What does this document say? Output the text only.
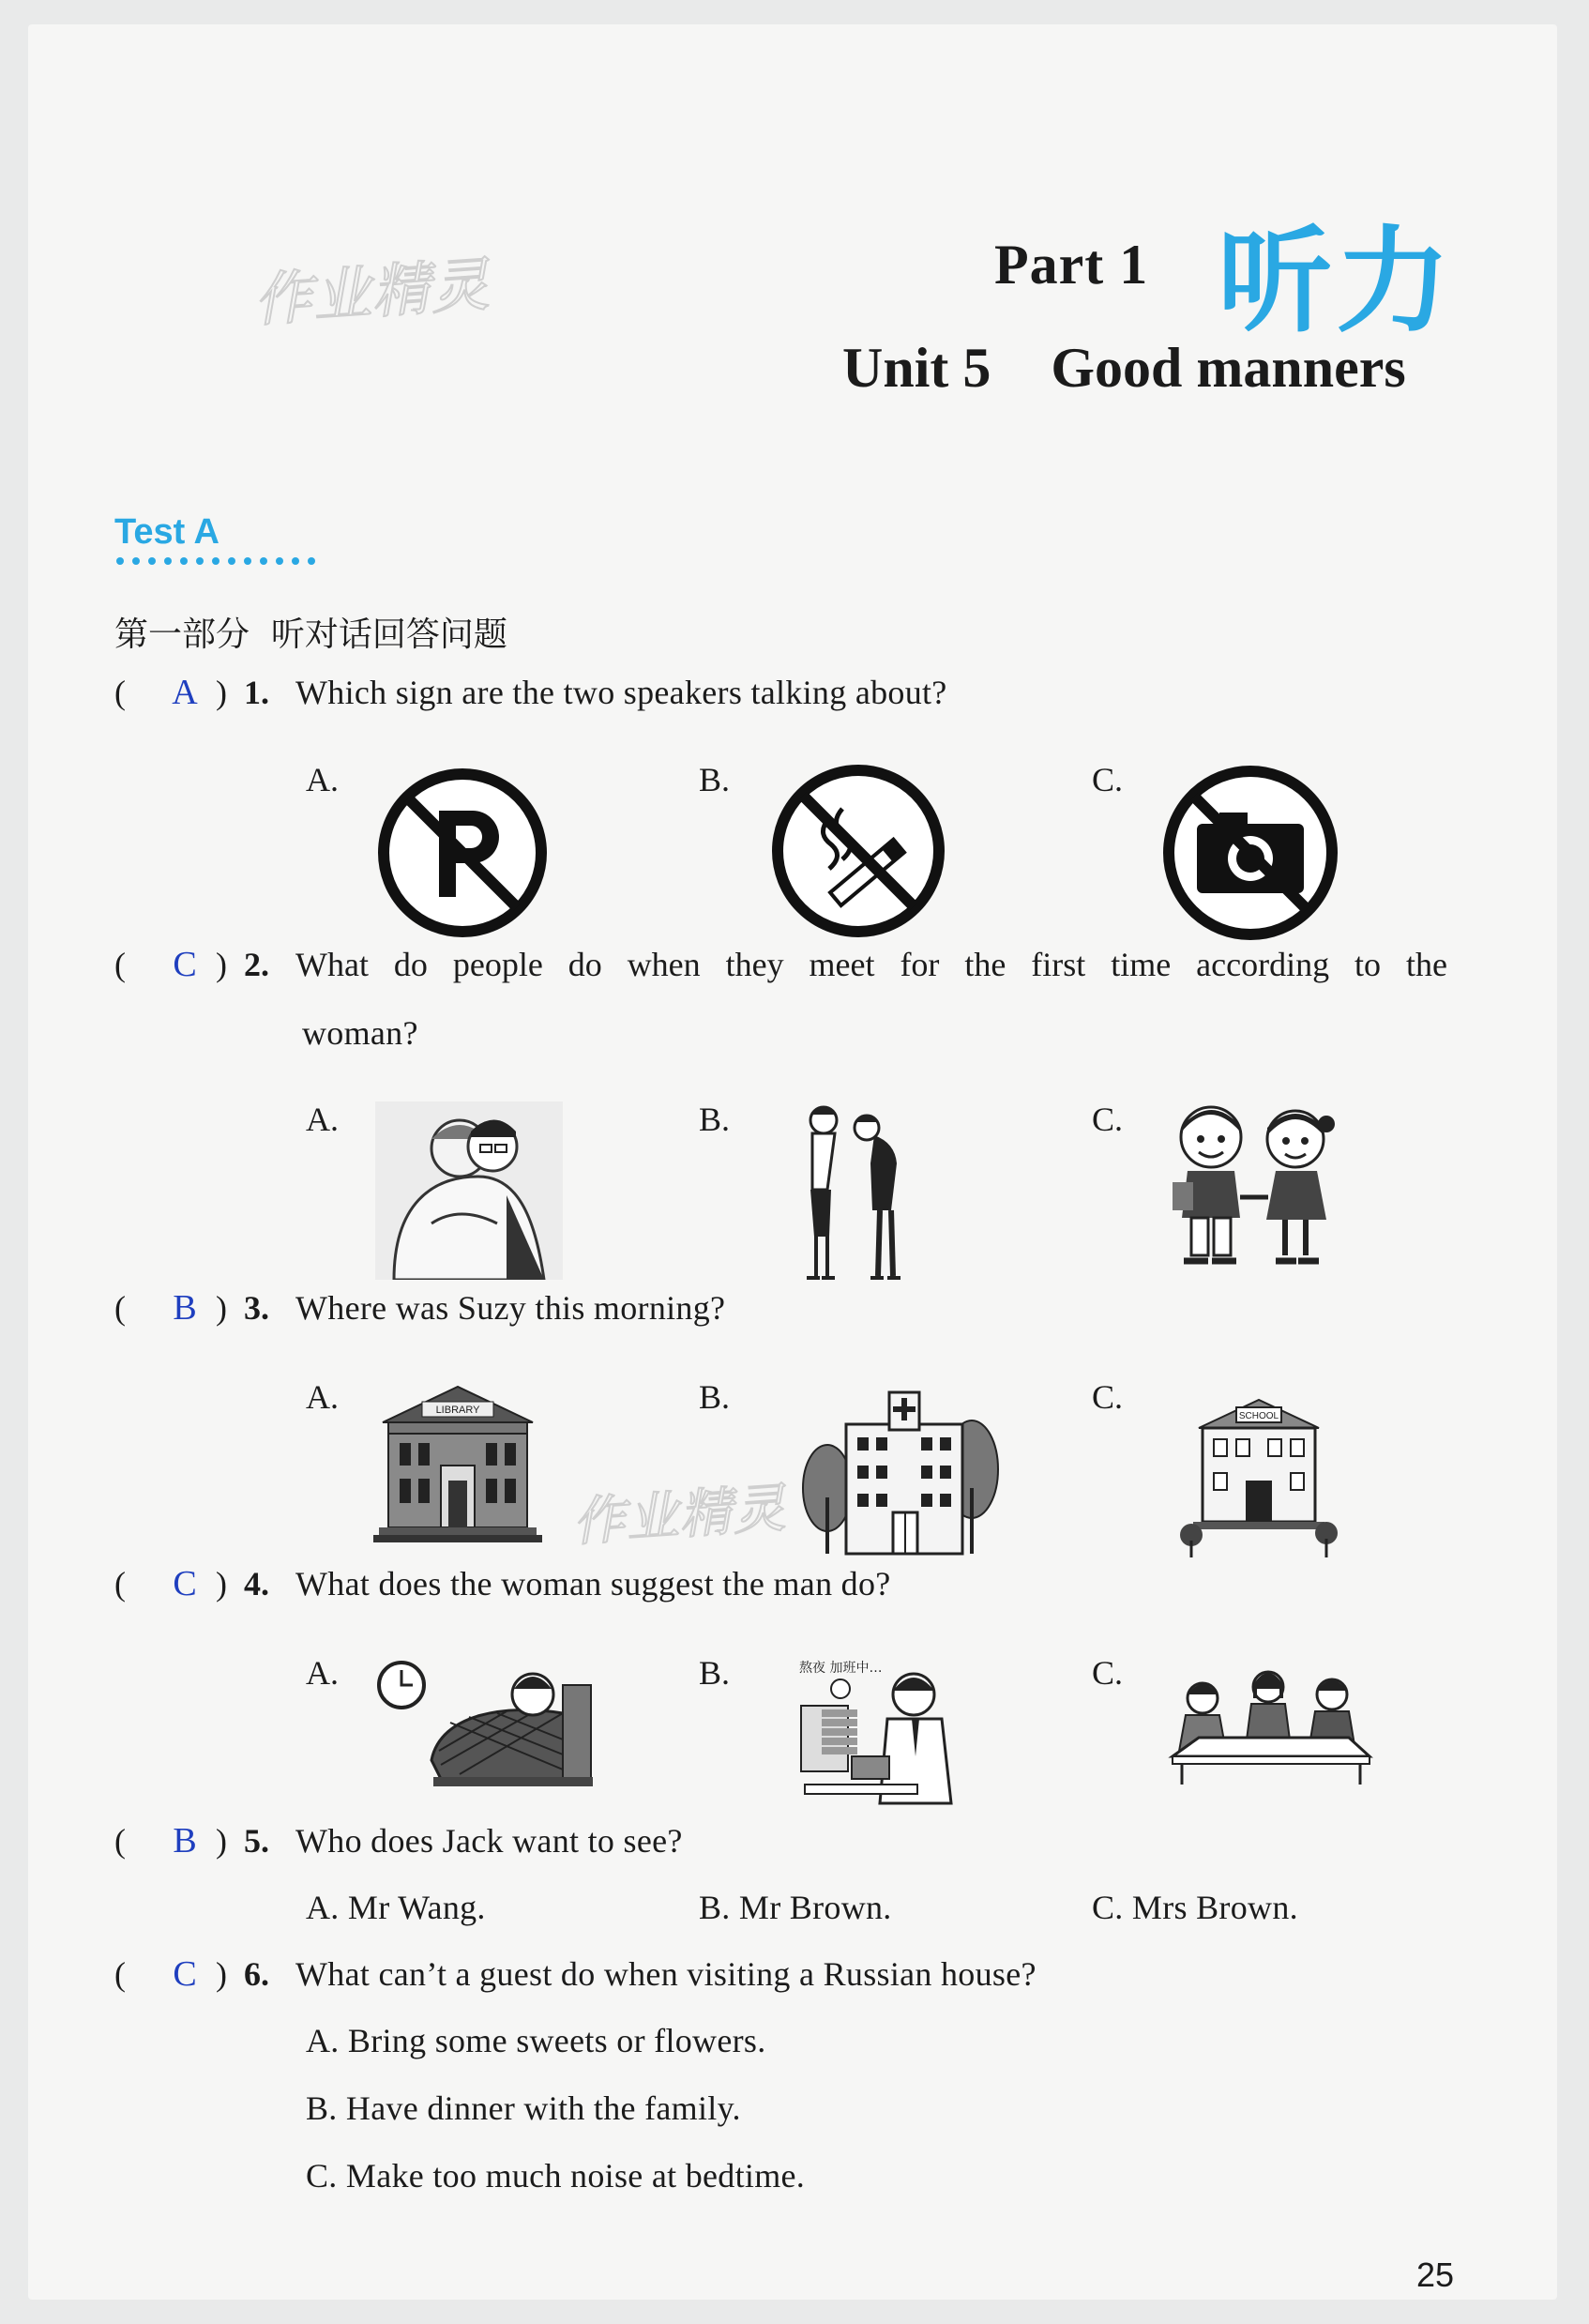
作业精灵
作业精灵
Part 1 听力
Unit 5 Good manners
Test A
第一部分  听对话回答问题
(	A ) 1. Which sign are the two speakers talking about?
A.	B.	C.
(	C ) 2. What do people do when they meet for the first time according to the
woman?
A.	B.	C.
(	B ) 3. Where was Suzy this morning?
A.	B.	C.
LIBRARY
SCHOOL
(	C ) 4. What does the woman suggest the man do?
A.	B.	C.
熬夜 加班中…
(	B ) 5. Who does Jack want to see?
A. Mr Wang.	B. Mr Brown.	C. Mrs Brown.
(	C ) 6. What can’t a guest do when visiting a Russian house?
A. Bring some sweets or flowers.
B. Have dinner with the family.
C. Make too much noise at bedtime.
25
